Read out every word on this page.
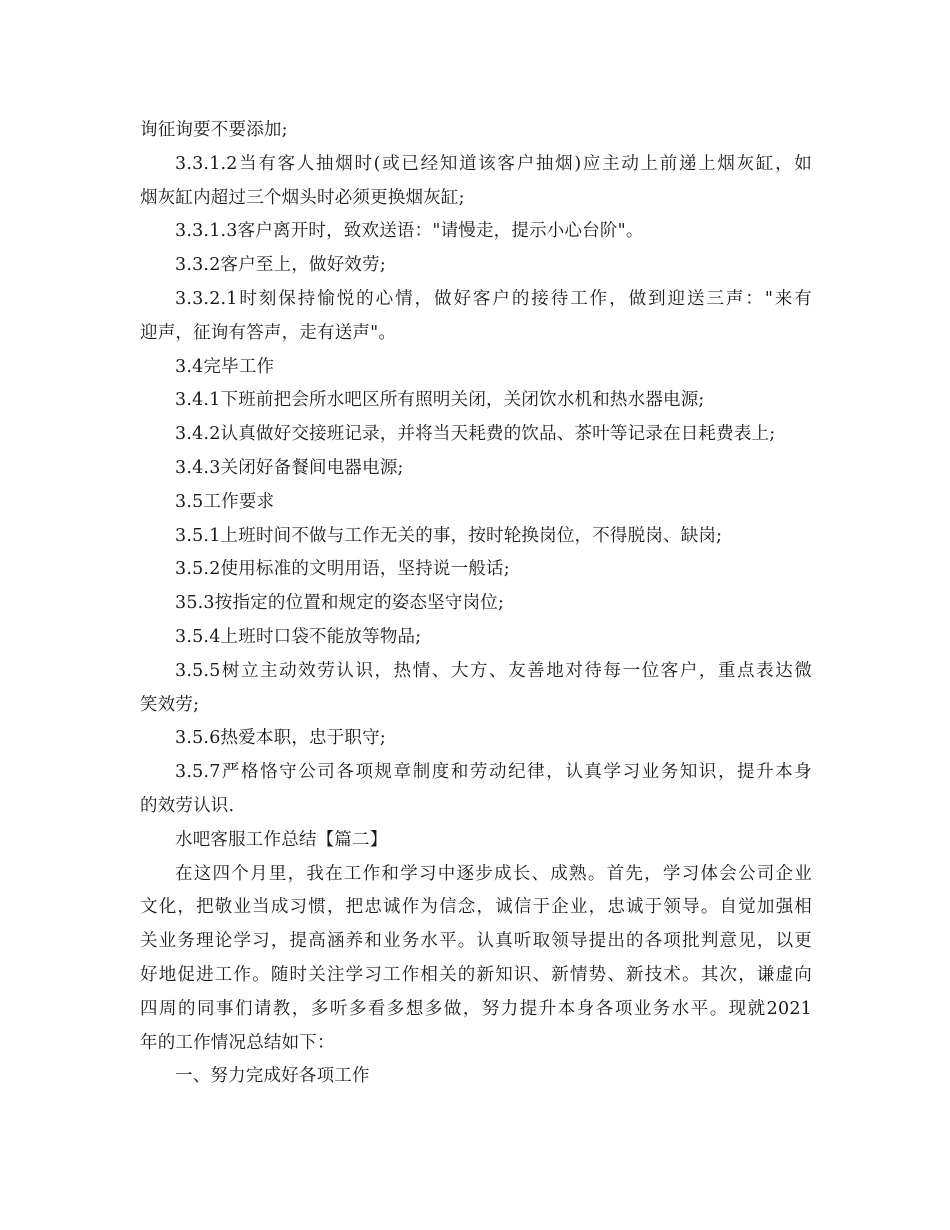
询征询要不要添加;
3.3.1.2当有客人抽烟时(或已经知道该客户抽烟)应主动上前递上烟灰缸，如
烟灰缸内超过三个烟头时必须更换烟灰缸;
3.3.1.3客户离开时，致欢送语："请慢走，提示小心台阶"。
3.3.2客户至上，做好效劳;
3.3.2.1时刻保持愉悦的心情，做好客户的接待工作，做到迎送三声："来有
迎声，征询有答声，走有送声"。
3.4完毕工作
3.4.1下班前把会所水吧区所有照明关闭，关闭饮水机和热水器电源;
3.4.2认真做好交接班记录，并将当天耗费的饮品、茶叶等记录在日耗费表上;
3.4.3关闭好备餐间电器电源;
3.5工作要求
3.5.1上班时间不做与工作无关的事，按时轮换岗位，不得脱岗、缺岗;
3.5.2使用标准的文明用语，坚持说一般话;
35.3按指定的位置和规定的姿态坚守岗位;
3.5.4上班时口袋不能放等物品;
3.5.5树立主动效劳认识，热情、大方、友善地对待每一位客户，重点表达微
笑效劳;
3.5.6热爱本职，忠于职守;
3.5.7严格恪守公司各项规章制度和劳动纪律，认真学习业务知识，提升本身
的效劳认识.
水吧客服工作总结【篇二】
在这四个月里，我在工作和学习中逐步成长、成熟。首先，学习体会公司企业
文化，把敬业当成习惯，把忠诚作为信念，诚信于企业，忠诚于领导。自觉加强相
关业务理论学习，提高涵养和业务水平。认真听取领导提出的各项批判意见，以更
好地促进工作。随时关注学习工作相关的新知识、新情势、新技术。其次，谦虚向
四周的同事们请教，多听多看多想多做，努力提升本身各项业务水平。现就2021
年的工作情况总结如下：
一、努力完成好各项工作
